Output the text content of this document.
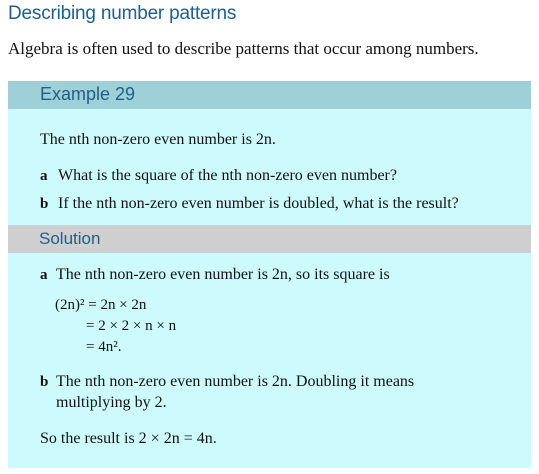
Describing number patterns
Algebra is often used to describe patterns that occur among numbers.
Example 29
The nth non-zero even number is 2n.
a What is the square of the nth non-zero even number?
b If the nth non-zero even number is doubled, what is the result?
Solution
a The nth non-zero even number is 2n, so its square is
(2n)² = 2n × 2n
= 2 × 2 × n × n
= 4n².
b The nth non-zero even number is 2n. Doubling it means
multiplying by 2.
So the result is 2 × 2n = 4n.
